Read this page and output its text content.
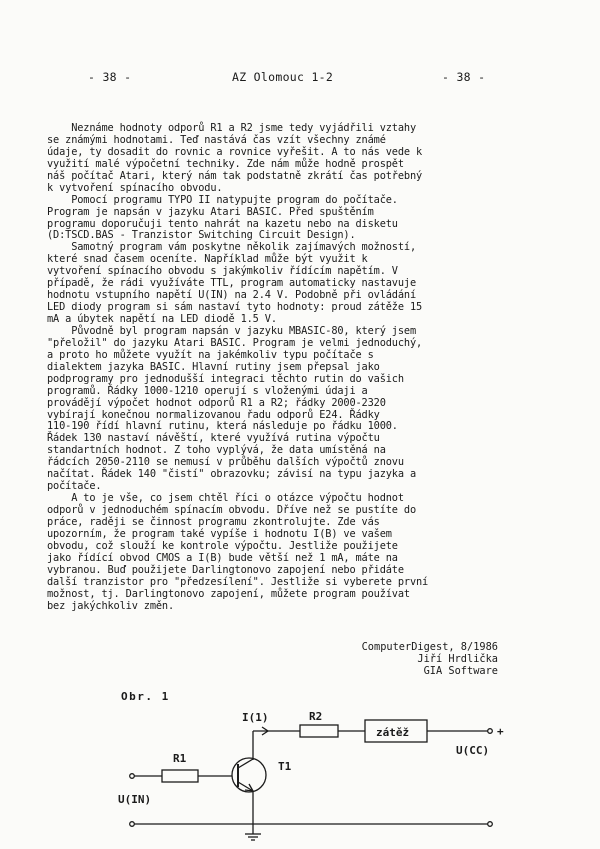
- 38 -	AZ Olomouc 1-2	- 38 -
Neznáme hodnoty odporů R1 a R2 jsme tedy vyjádřili vztahy
se známými hodnotami. Teď nastává čas vzít všechny známé
údaje, ty dosadit do rovnic a rovnice vyřešit. A to nás vede k
využití malé výpočetní techniky. Zde nám může hodně prospět
náš počítač Atari, který nám tak podstatně zkrátí čas potřebný
k vytvoření spínacího obvodu.
Pomocí programu TYPO II natypujte program do počítače.
Program je napsán v jazyku Atari BASIC. Před spuštěním
programu doporučuji tento nahrát na kazetu nebo na disketu
(D:TSCD.BAS - Tranzistor Switching Circuit Design).
Samotný program vám poskytne několik zajímavých možností,
které snad časem oceníte. Například může být využit k
vytvoření spínacího obvodu s jakýmkoliv řídícím napětím. V
případě, že rádi využíváte TTL, program automaticky nastavuje
hodnotu vstupního napětí U(IN) na 2.4 V. Podobně při ovládání
LED diody program si sám nastaví tyto hodnoty: proud zátěže 15
mA a úbytek napětí na LED diodě 1.5 V.
Původně byl program napsán v jazyku MBASIC-80, který jsem
"přeložil" do jazyku Atari BASIC. Program je velmi jednoduchý,
a proto ho můžete využít na jakémkoliv typu počítače s
dialektem jazyka BASIC. Hlavní rutiny jsem přepsal jako
podprogramy pro jednodušší integraci těchto rutin do vašich
programů. Řádky 1000-1210 operují s vloženými údaji a
provádějí výpočet hodnot odporů R1 a R2; řádky 2000-2320
vybírají konečnou normalizovanou řadu odporů E24. Řádky
110-190 řídí hlavní rutinu, která následuje po řádku 1000.
Řádek 130 nastaví návěští, které využívá rutina výpočtu
standartních hodnot. Z toho vyplývá, že data umístěná na
řádcích 2050-2110 se nemusí v průběhu dalších výpočtů znovu
načítat. Řádek 140 "čistí" obrazovku; závisí na typu jazyka a
počítače.
A to je vše, co jsem chtěl říci o otázce výpočtu hodnot
odporů v jednoduchém spínacím obvodu. Dříve než se pustíte do
práce, raději se činnost programu zkontrolujte. Zde vás
upozorním, že program také vypíše i hodnotu I(B) ve vašem
obvodu, což slouží ke kontrole výpočtu. Jestliže použijete
jako řídící obvod CMOS a I(B) bude větší než 1 mA, máte na
vybranou. Buď použijete Darlingtonovo zapojení nebo přidáte
další tranzistor pro "předzesílení". Jestliže si vyberete první
možnost, tj. Darlingtonovo zapojení, můžete program používat
bez jakýchkoliv změn.
ComputerDigest, 8/1986
Jiří Hrdlička
GIA Software
Obr. 1
I(1)	R2
zátěž	+
U(CC)
R1
T1
U(IN)
